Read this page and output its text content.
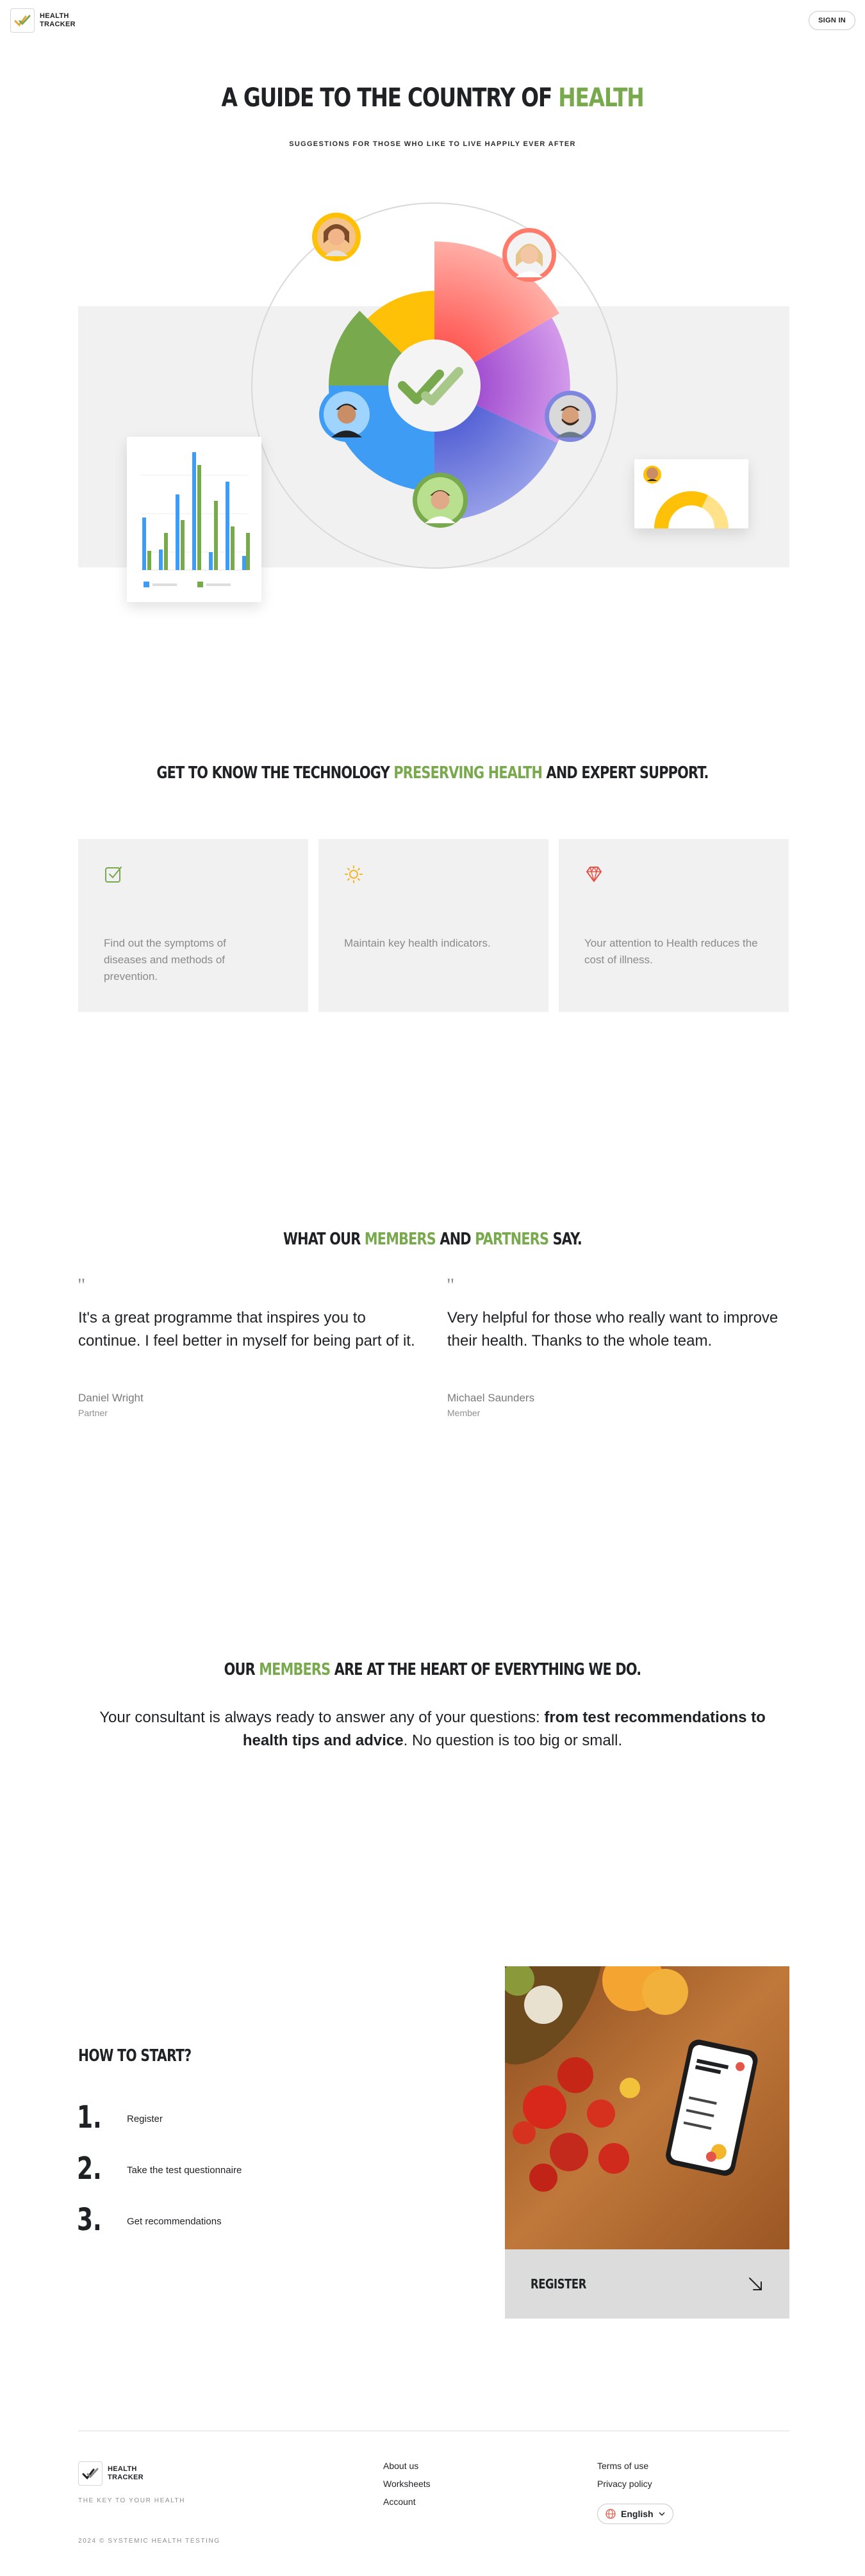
HEALTH
TRACKER	SIGN IN
A GUIDE TO THE COUNTRY OF HEALTH
SUGGESTIONS FOR THOSE WHO LIKE TO LIVE HAPPILY EVER AFTER
GET TO KNOW THE TECHNOLOGY PRESERVING HEALTH AND EXPERT SUPPORT.
Find out the symptoms of diseases and methods of prevention.
Maintain key health indicators.	Your attention to Health reduces the cost of illness.
WHAT OUR MEMBERS AND PARTNERS SAY.
"
It's a great programme that inspires you to continue. I feel better in myself for being part of it.
Daniel Wright
Partner
"
Very helpful for those who really want to improve their health. Thanks to the whole team.
Michael Saunders
Member
OUR MEMBERS ARE AT THE HEART OF EVERYTHING WE DO.
Your consultant is always ready to answer any of your questions: from test recommendations to health tips and advice. No question is too big or small.
HOW TO START?
1.	Register
2.	Take the test questionnaire
3.	Get recommendations
REGISTER
HEALTH
TRACKER
THE KEY TO YOUR HEALTH
2024 © SYSTEMIC HEALTH TESTING
About us
Worksheets
Account
Terms of use
Privacy policy
English
